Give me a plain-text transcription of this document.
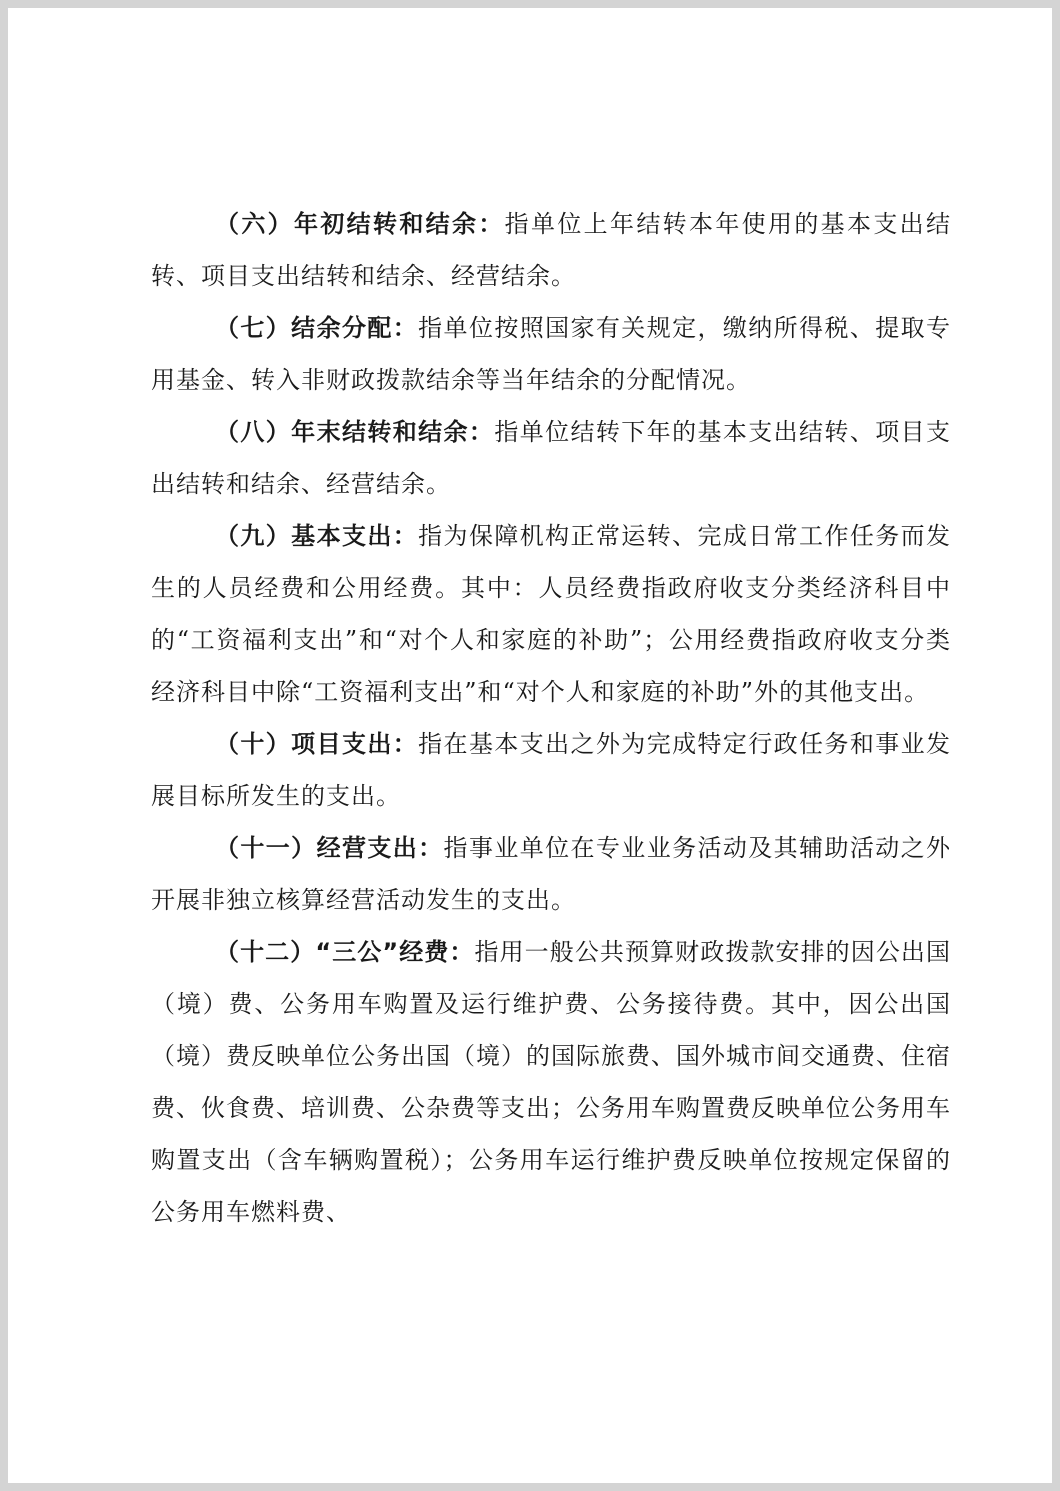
（六）年初结转和结余：指单位上年结转本年使用的基本支出结转、项目支出结转和结余、经营结余。

（七）结余分配：指单位按照国家有关规定，缴纳所得税、提取专用基金、转入非财政拨款结余等当年结余的分配情况。

（八）年末结转和结余：指单位结转下年的基本支出结转、项目支出结转和结余、经营结余。

（九）基本支出：指为保障机构正常运转、完成日常工作任务而发生的人员经费和公用经费。其中：人员经费指政府收支分类经济科目中的“工资福利支出”和“对个人和家庭的补助”；公用经费指政府收支分类经济科目中除“工资福利支出”和“对个人和家庭的补助”外的其他支出。

（十）项目支出：指在基本支出之外为完成特定行政任务和事业发展目标所发生的支出。

（十一）经营支出：指事业单位在专业业务活动及其辅助活动之外开展非独立核算经营活动发生的支出。

（十二）“三公”经费：指用一般公共预算财政拨款安排的因公出国（境）费、公务用车购置及运行维护费、公务接待费。其中，因公出国（境）费反映单位公务出国（境）的国际旅费、国外城市间交通费、住宿费、伙食费、培训费、公杂费等支出；公务用车购置费反映单位公务用车购置支出（含车辆购置税）；公务用车运行维护费反映单位按规定保留的公务用车燃料费、
